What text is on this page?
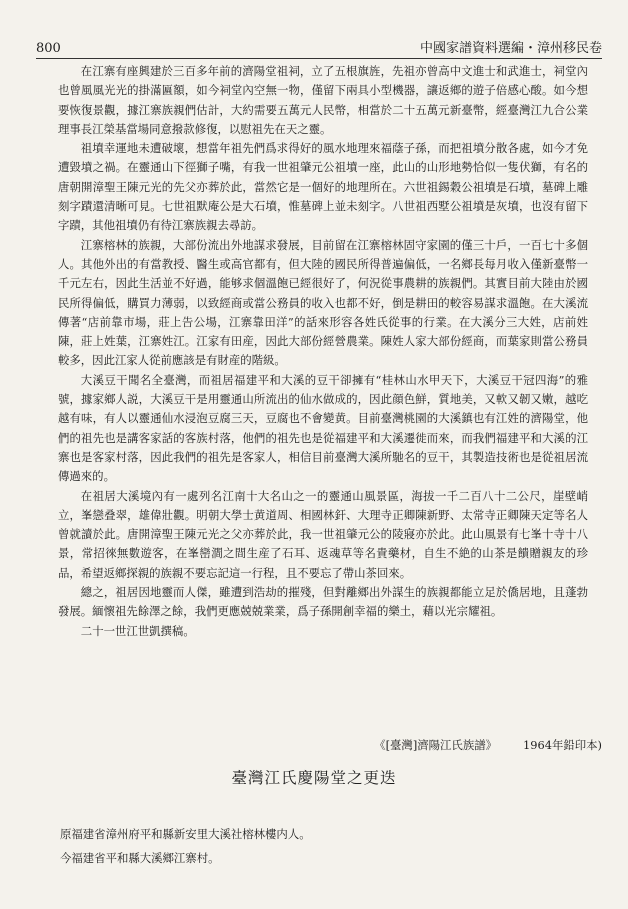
800	中國家譜資料選編・漳州移民卷

在江寨有座興建於三百多年前的濟陽堂祖祠，立了五根旗旌，先祖亦曾高中文進士和武進士，祠堂內也曾風風光光的掛滿匾額，如今祠堂內空無一物，僅留下兩具小型機器，讓返鄉的遊子倍感心酸。如今想要恢復景觀，據江寨族親們估計，大約需要五萬元人民幣，相當於二十五萬元新臺幣，經臺灣江九合公業理事長江榮基當場同意撥款修復，以慰祖先在天之靈。

祖墳幸運地未遭破壞，想當年祖先們爲求得好的風水地理來福蔭子孫，而把祖墳分散各處，如今才免遭毀墳之禍。在靈通山下徑獅子嘴，有我一世祖肇元公祖墳一座，此山的山形地勢恰似一隻伏獅，有名的唐朝開漳聖王陳元光的先父亦葬於此，當然它是一個好的地理所在。六世祖錫穀公祖墳是石墳，墓碑上雕刻字蹟還清晰可見。七世祖默庵公是大石墳，惟墓碑上並未刻字。八世祖西墅公祖墳是灰墳，也沒有留下字蹟，其他祖墳仍有待江寨族親去尋訪。

江寨榕林的族親，大部份流出外地謀求發展，目前留在江寨榕林固守家園的僅三十戶，一百七十多個人。其他外出的有當教授、醫生或高官都有，但大陸的國民所得普遍偏低，一名鄉長每月收入僅新臺幣一千元左右，因此生活並不好過，能够求個溫飽已經很好了，何況從事農耕的族親們。其實目前大陸由於國民所得偏低，購買力薄弱，以致經商或當公務員的收入也都不好，倒是耕田的較容易謀求溫飽。在大溪流傳著“店前靠市場，莊上告公場，江寨靠田洋”的話來形容各姓氏從事的行業。在大溪分三大姓，店前姓陳，莊上姓葉，江寨姓江。江家有田産，因此大部份經營農業。陳姓人家大部份經商，而葉家則當公務員較多，因此江家人從前應該是有財産的階級。

大溪豆干聞名全臺灣，而祖居福建平和大溪的豆干卻擁有“桂林山水甲天下，大溪豆干冠四海”的雅號，據家鄉人説，大溪豆干是用靈通山所流出的仙水做成的，因此顔色鮮，質地美，又軟又韌又嫩，越吃越有味，有人以靈通仙水浸泡豆腐三天，豆腐也不會變黄。目前臺灣桃園的大溪鎮也有江姓的濟陽堂，他們的祖先也是講客家話的客族村落，他們的祖先也是從福建平和大溪遷徙而來，而我們福建平和大溪的江寨也是客家村落，因此我們的祖先是客家人，相信目前臺灣大溪所馳名的豆干，其製造技術也是從祖居流傳過來的。

在祖居大溪境內有一處列名江南十大名山之一的靈通山風景區，海拔一千二百八十二公尺，崖壁峭立，峯戀叠翠，雄偉壯觀。明朝大學士黄道周、相國林釬、大理寺正卿陳新野、太常寺正卿陳天定等名人曾就讀於此。唐開漳聖王陳元光之父亦葬於此，我一世祖肇元公的陵寢亦於此。此山風景有七峯十寺十八景，常招徠無數遊客，在峯巒澗之間生産了石耳、返魂草等名貴藥材，自生不絶的山茶是饋贈親友的珍品，希望返鄉探親的族親不要忘記這一行程，且不要忘了帶山茶回來。

總之，祖居因地靈而人傑，雖遭到浩劫的摧殘，但對離鄉出外謀生的族親都能立足於僑居地，且蓬勃發展。緬懷祖先餘澤之餘，我們更應兢兢業業，爲子孫開創幸福的樂土，藉以光宗耀祖。

二十一世江世凱撰稿。

《[臺灣]濟陽江氏族譜》 1964年鉛印本)
臺灣江氏慶陽堂之更迭
原福建省漳州府平和縣新安里大溪社榕林樓内人。
今福建省平和縣大溪鄉江寨村。
